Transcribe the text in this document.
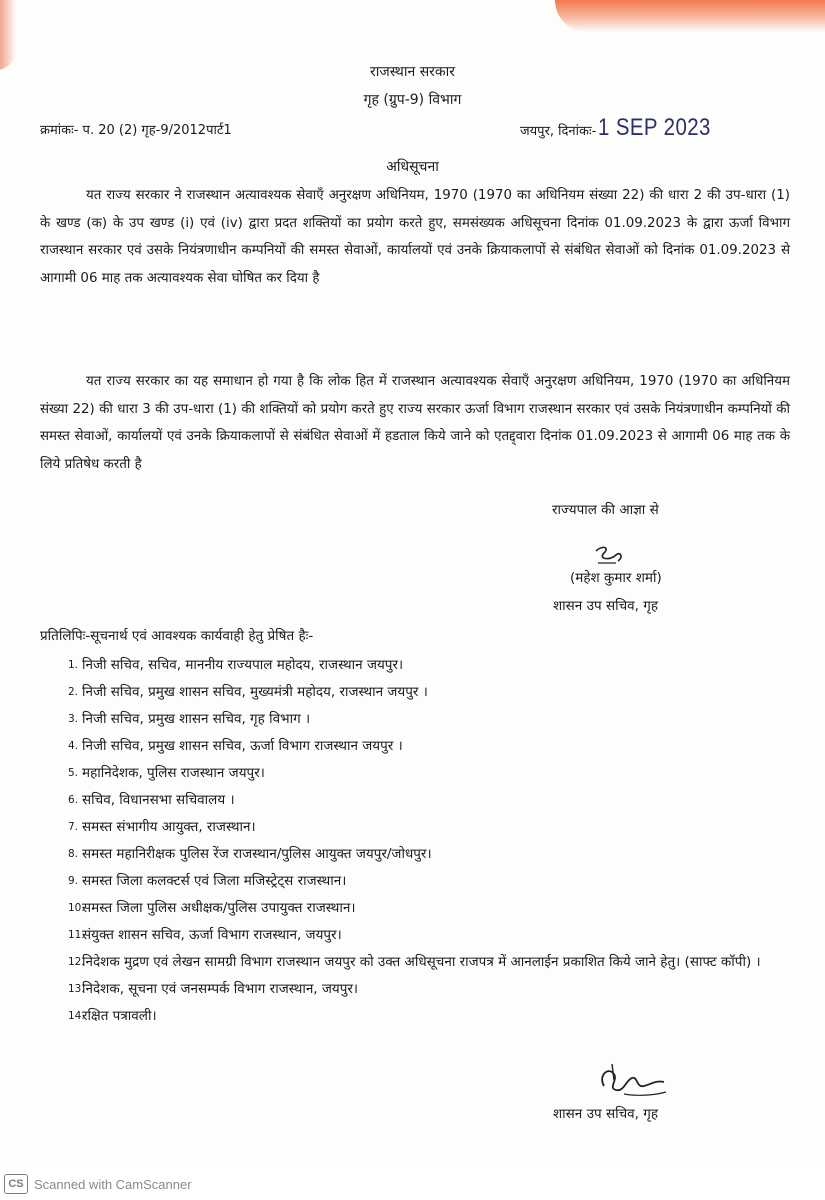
राजस्थान सरकार
गृह (ग्रुप-9) विभाग
क्रमांकः- प. 20 (2) गृह-9/2012पार्ट1	जयपुर, दिनांकः- 1 SEP 2023
अधिसूचना

यत राज्य सरकार ने राजस्थान अत्यावश्यक सेवाएँ अनुरक्षण अधिनियम, 1970 (1970 का अधिनियम संख्या 22) की धारा 2 की उप-धारा (1) के खण्ड (क) के उप खण्ड (i) एवं (iv) द्वारा प्रदत शक्तियों का प्रयोग करते हुए, समसंख्यक अधिसूचना दिनांक 01.09.2023 के द्वारा ऊर्जा विभाग राजस्थान सरकार एवं उसके नियंत्रणाधीन कम्पनियों की समस्त सेवाओं, कार्यालयों एवं उनके क्रियाकलापों से संबंधित सेवाओं को दिनांक 01.09.2023 से आगामी 06 माह तक अत्यावश्यक सेवा घोषित कर दिया है

यत राज्य सरकार का यह समाधान हो गया है कि लोक हित में राजस्थान अत्यावश्यक सेवाएँ अनुरक्षण अधिनियम, 1970 (1970 का अधिनियम संख्या 22) की धारा 3 की उप-धारा (1) की शक्तियों को प्रयोग करते हुए राज्य सरकार ऊर्जा विभाग राजस्थान सरकार एवं उसके नियंत्रणाधीन कम्पनियों की समस्त सेवाओं, कार्यालयों एवं उनके क्रियाकलापों से संबंधित सेवाओं में हडताल किये जाने को एतद्द्वारा दिनांक 01.09.2023 से आगामी 06 माह तक के लिये प्रतिषेध करती है

राज्यपाल की आज्ञा से
(महेश कुमार शर्मा)
शासन उप सचिव, गृह
प्रतिलिपिः-सूचनार्थ एवं आवश्यक कार्यवाही हेतु प्रेषित हैः-
1. निजी सचिव, सचिव, माननीय राज्यपाल महोदय, राजस्थान जयपुर।
2. निजी सचिव, प्रमुख शासन सचिव, मुख्यमंत्री महोदय, राजस्थान जयपुर ।
3. निजी सचिव, प्रमुख शासन सचिव, गृह विभाग ।
4. निजी सचिव, प्रमुख शासन सचिव, ऊर्जा विभाग राजस्थान जयपुर ।
5. महानिदेशक, पुलिस राजस्थान जयपुर।
6. सचिव, विधानसभा सचिवालय ।
7. समस्त संभागीय आयुक्त, राजस्थान।
8. समस्त महानिरीक्षक पुलिस रेंज राजस्थान/पुलिस आयुक्त जयपुर/जोधपुर।
9. समस्त जिला कलक्टर्स एवं जिला मजिस्ट्रेट्स राजस्थान।
10.
समस्त जिला पुलिस अधीक्षक/पुलिस उपायुक्त राजस्थान।
11.
संयुक्त शासन सचिव, ऊर्जा विभाग राजस्थान, जयपुर।
12.
निदेशक मुद्रण एवं लेखन सामग्री विभाग राजस्थान जयपुर को उक्त अधिसूचना राजपत्र में आनलाईन प्रकाशित किये जाने हेतु। (साफ्ट कॉपी) ।
13.
निदेशक, सूचना एवं जनसम्पर्क विभाग राजस्थान, जयपुर।
14.
रक्षित पत्रावली।
शासन उप सचिव, गृह
CS Scanned with CamScanner
